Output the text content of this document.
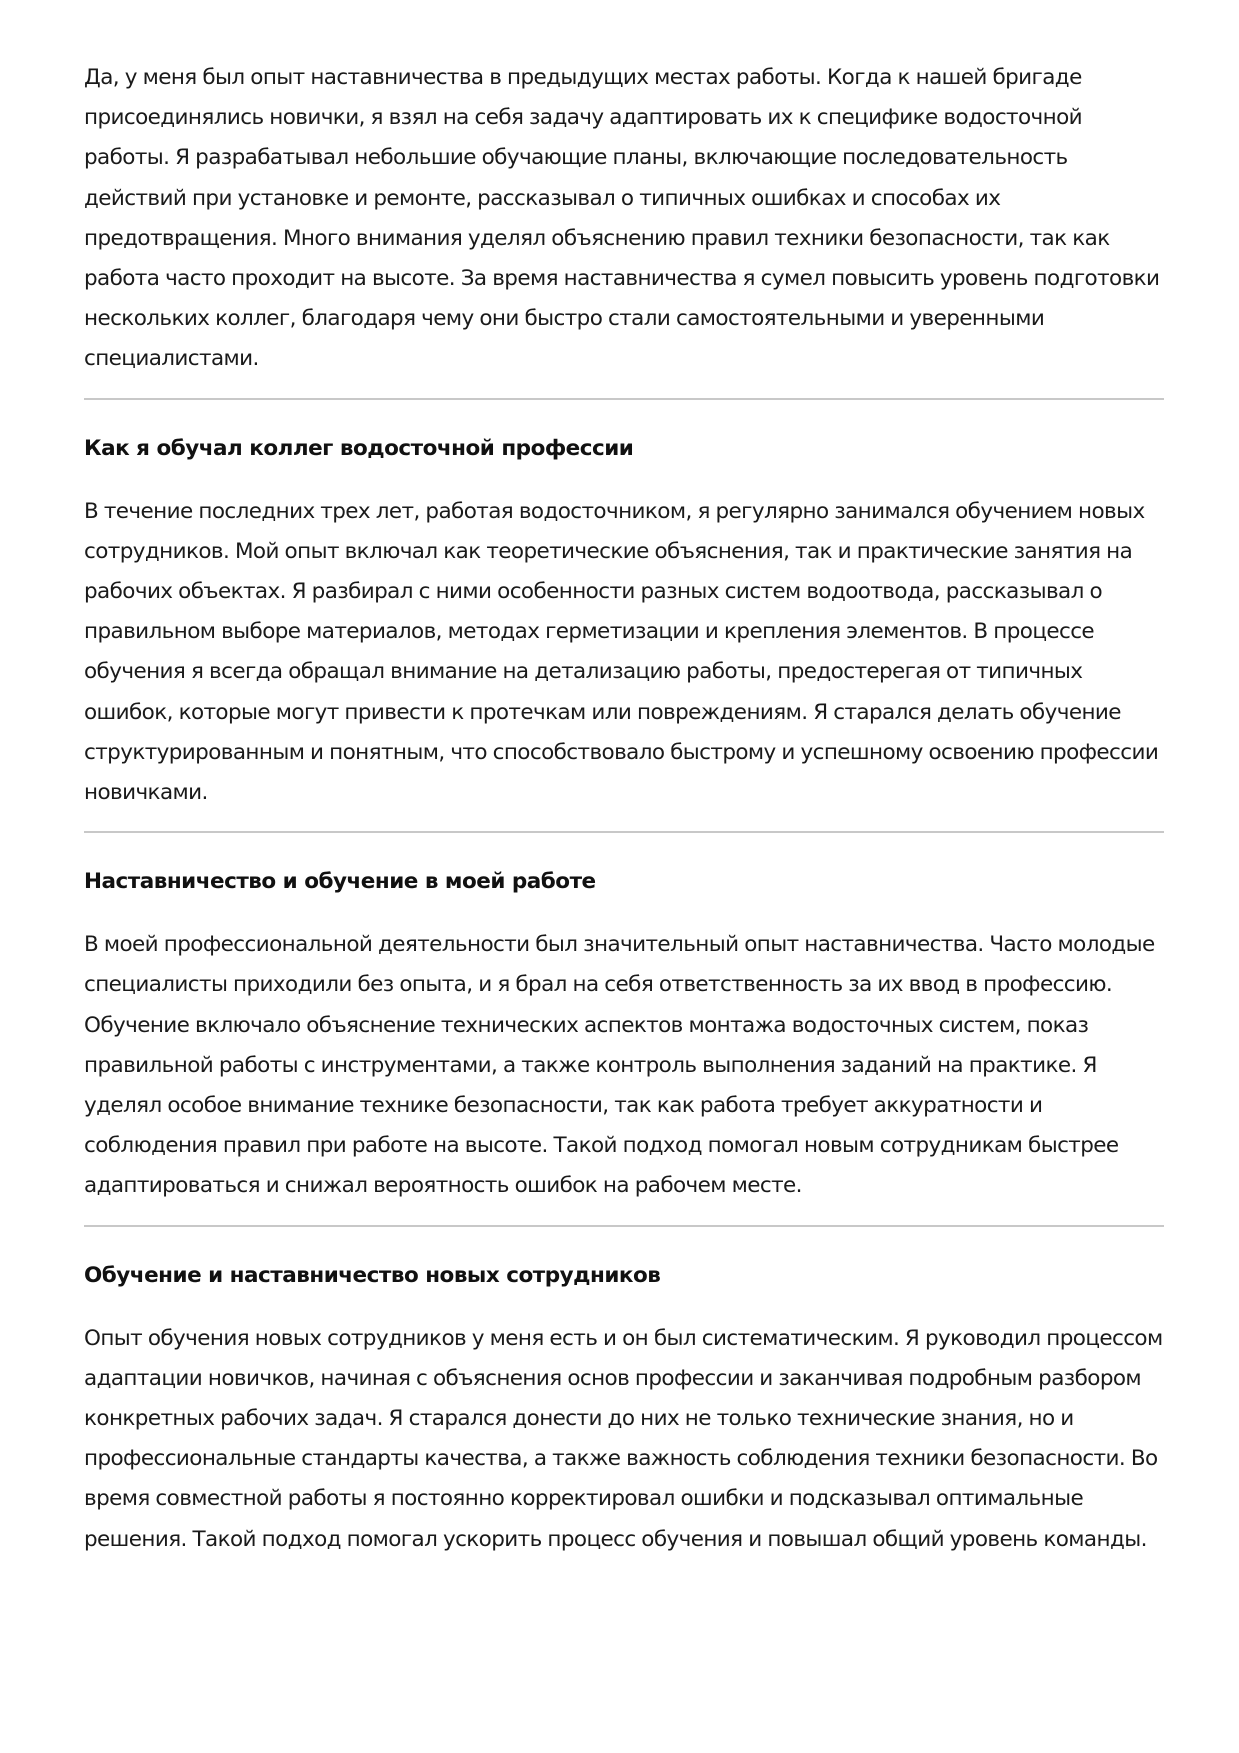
Да, у меня был опыт наставничества в предыдущих местах работы. Когда к нашей бригаде присоединялись новички, я взял на себя задачу адаптировать их к специфике водосточной работы. Я разрабатывал небольшие обучающие планы, включающие последовательность действий при установке и ремонте, рассказывал о типичных ошибках и способах их предотвращения. Много внимания уделял объяснению правил техники безопасности, так как работа часто проходит на высоте. За время наставничества я сумел повысить уровень подготовки нескольких коллег, благодаря чему они быстро стали самостоятельными и уверенными специалистами.

Как я обучал коллег водосточной профессии

В течение последних трех лет, работая водосточником, я регулярно занимался обучением новых сотрудников. Мой опыт включал как теоретические объяснения, так и практические занятия на рабочих объектах. Я разбирал с ними особенности разных систем водоотвода, рассказывал о правильном выборе материалов, методах герметизации и крепления элементов. В процессе обучения я всегда обращал внимание на детализацию работы, предостерегая от типичных ошибок, которые могут привести к протечкам или повреждениям. Я старался делать обучение структурированным и понятным, что способствовало быстрому и успешному освоению профессии новичками.

Наставничество и обучение в моей работе

В моей профессиональной деятельности был значительный опыт наставничества. Часто молодые специалисты приходили без опыта, и я брал на себя ответственность за их ввод в профессию. Обучение включало объяснение технических аспектов монтажа водосточных систем, показ правильной работы с инструментами, а также контроль выполнения заданий на практике. Я уделял особое внимание технике безопасности, так как работа требует аккуратности и соблюдения правил при работе на высоте. Такой подход помогал новым сотрудникам быстрее адаптироваться и снижал вероятность ошибок на рабочем месте.

Обучение и наставничество новых сотрудников

Опыт обучения новых сотрудников у меня есть и он был систематическим. Я руководил процессом адаптации новичков, начиная с объяснения основ профессии и заканчивая подробным разбором конкретных рабочих задач. Я старался донести до них не только технические знания, но и профессиональные стандарты качества, а также важность соблюдения техники безопасности. Во время совместной работы я постоянно корректировал ошибки и подсказывал оптимальные решения. Такой подход помогал ускорить процесс обучения и повышал общий уровень команды.
